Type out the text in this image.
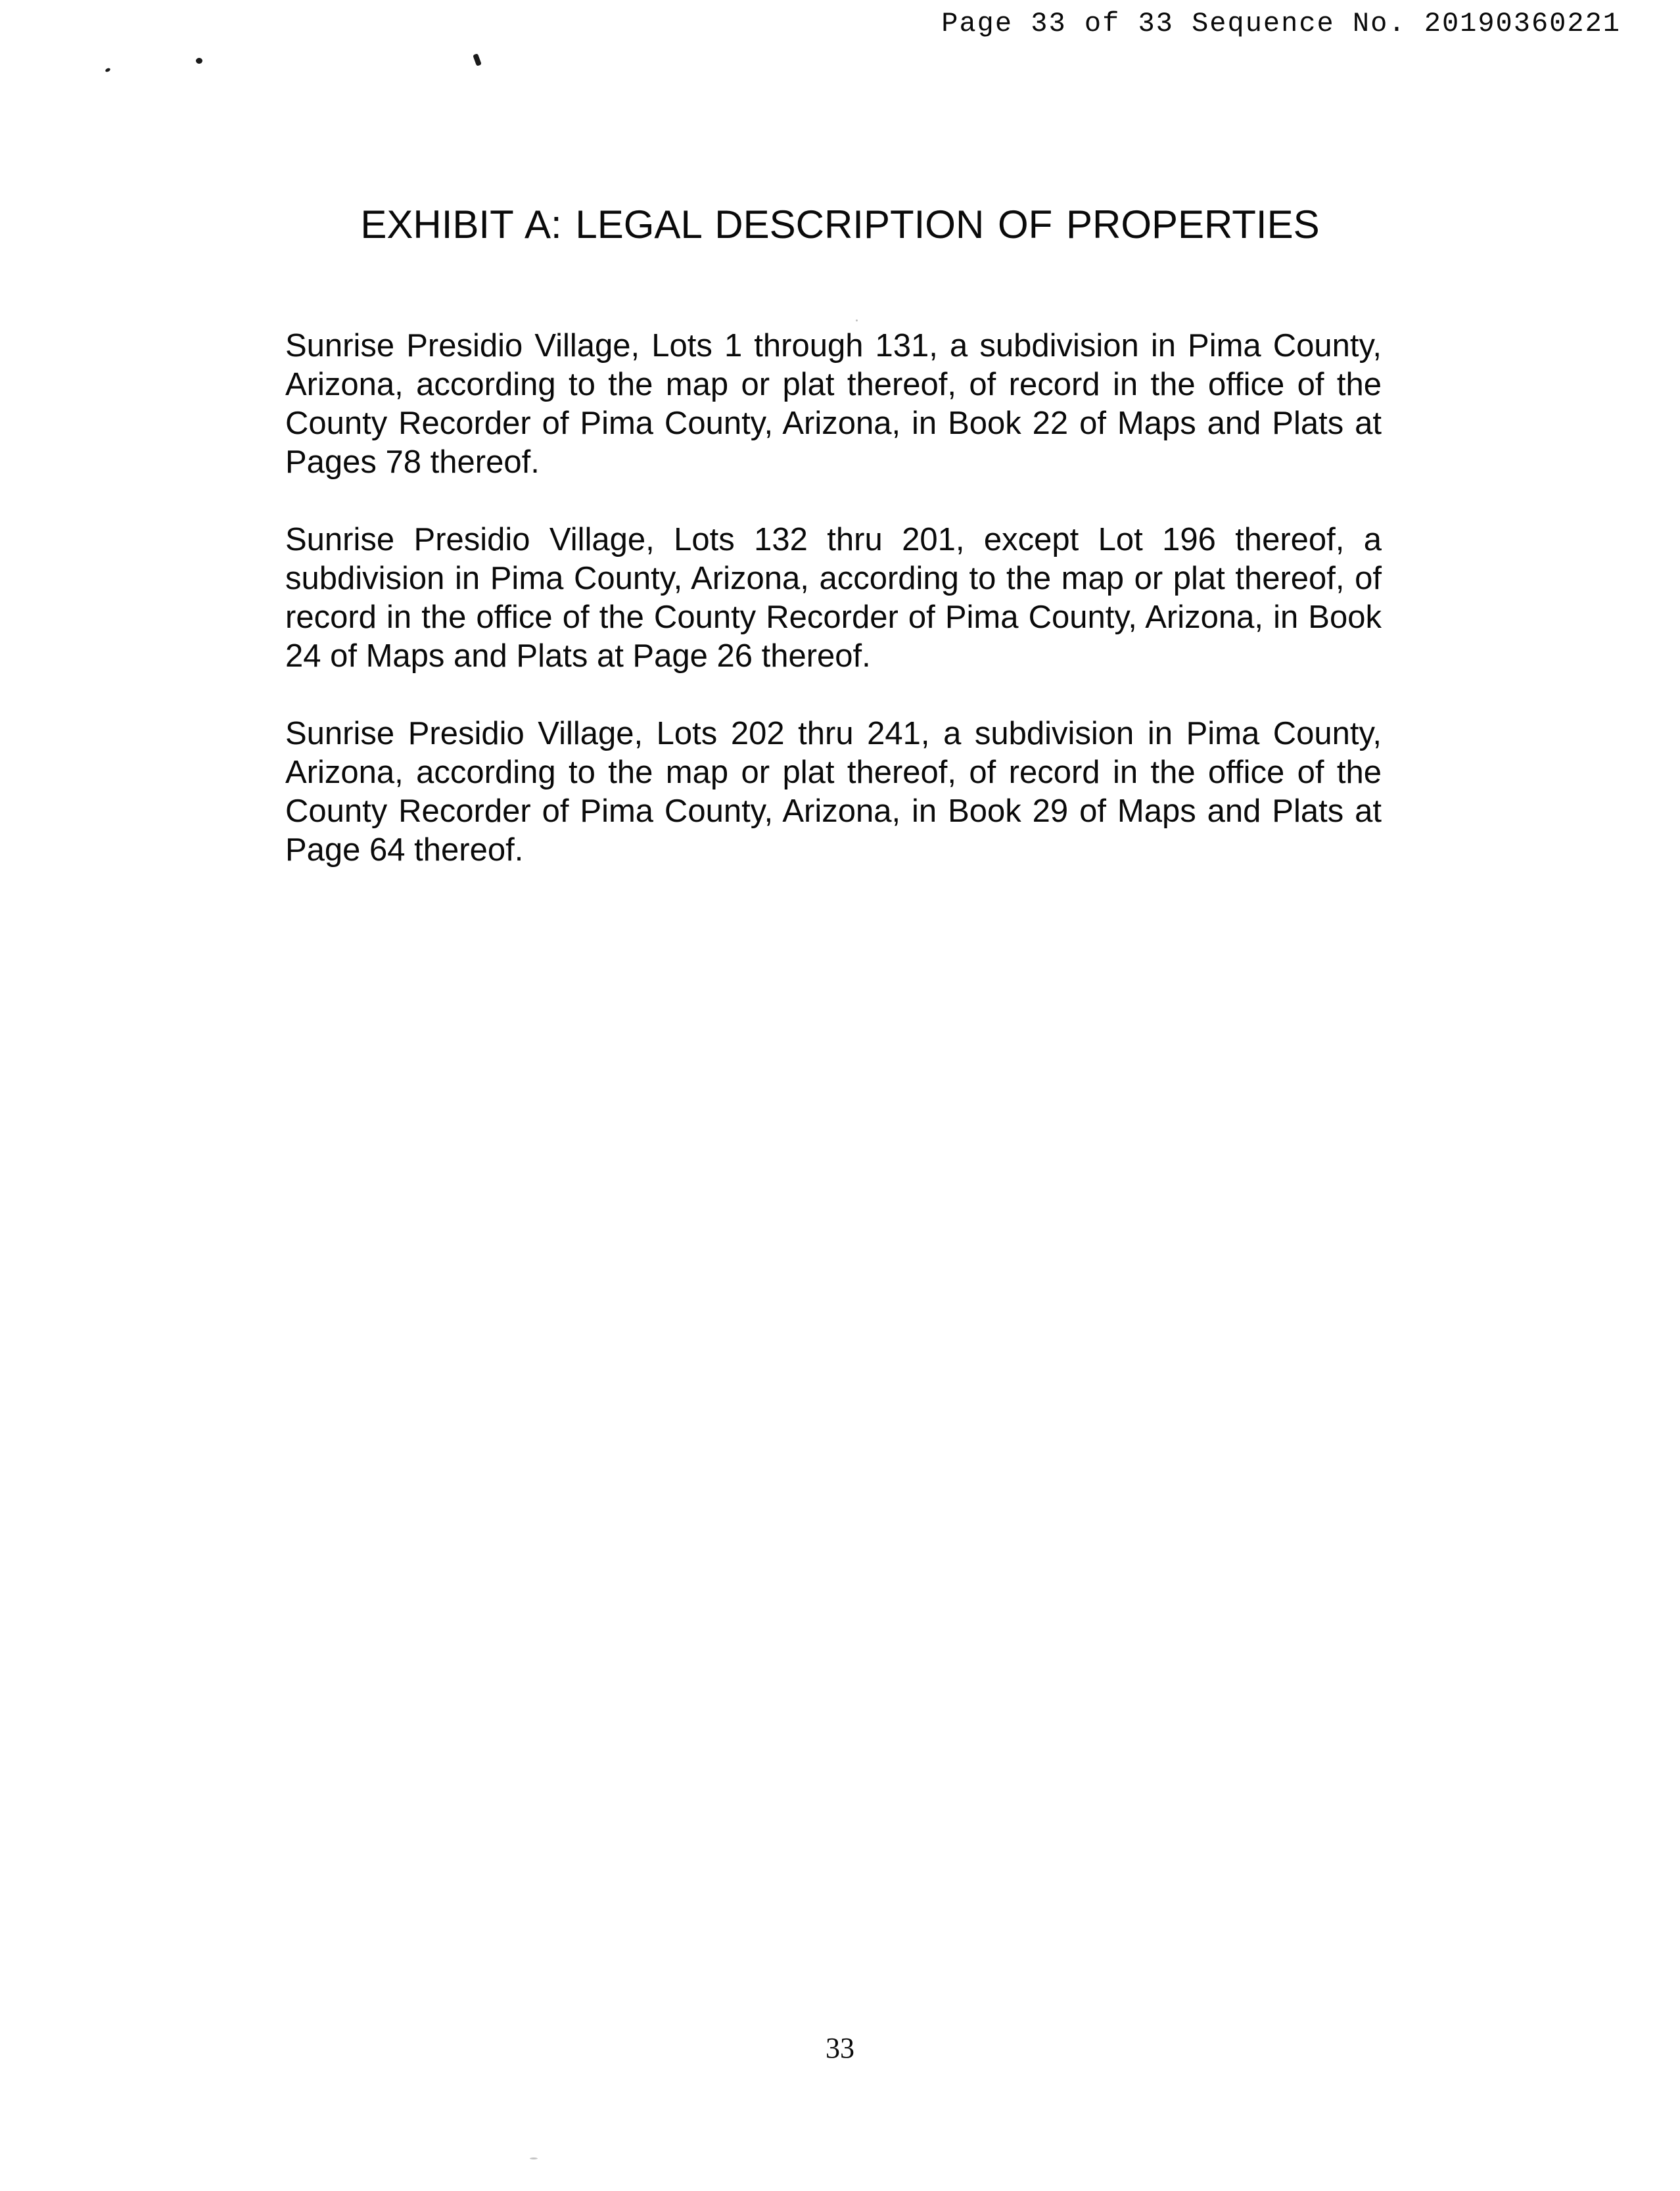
Page 33 of 33 Sequence No. 20190360221
EXHIBIT A: LEGAL DESCRIPTION OF PROPERTIES

Sunrise Presidio Village, Lots 1 through 131, a subdivision in Pima County, Arizona, according to the map or plat thereof, of record in the office of the County Recorder of Pima County, Arizona, in Book 22 of Maps and Plats at Pages 78 thereof.

Sunrise Presidio Village, Lots 132 thru 201, except Lot 196 thereof, a subdivision in Pima County, Arizona, according to the map or plat thereof, of record in the office of the County Recorder of Pima County, Arizona, in Book 24 of Maps and Plats at Page 26 thereof.

Sunrise Presidio Village, Lots 202 thru 241, a subdivision in Pima County, Arizona, according to the map or plat thereof, of record in the office of the County Recorder of Pima County, Arizona, in Book 29 of Maps and Plats at Page 64 thereof.

33
